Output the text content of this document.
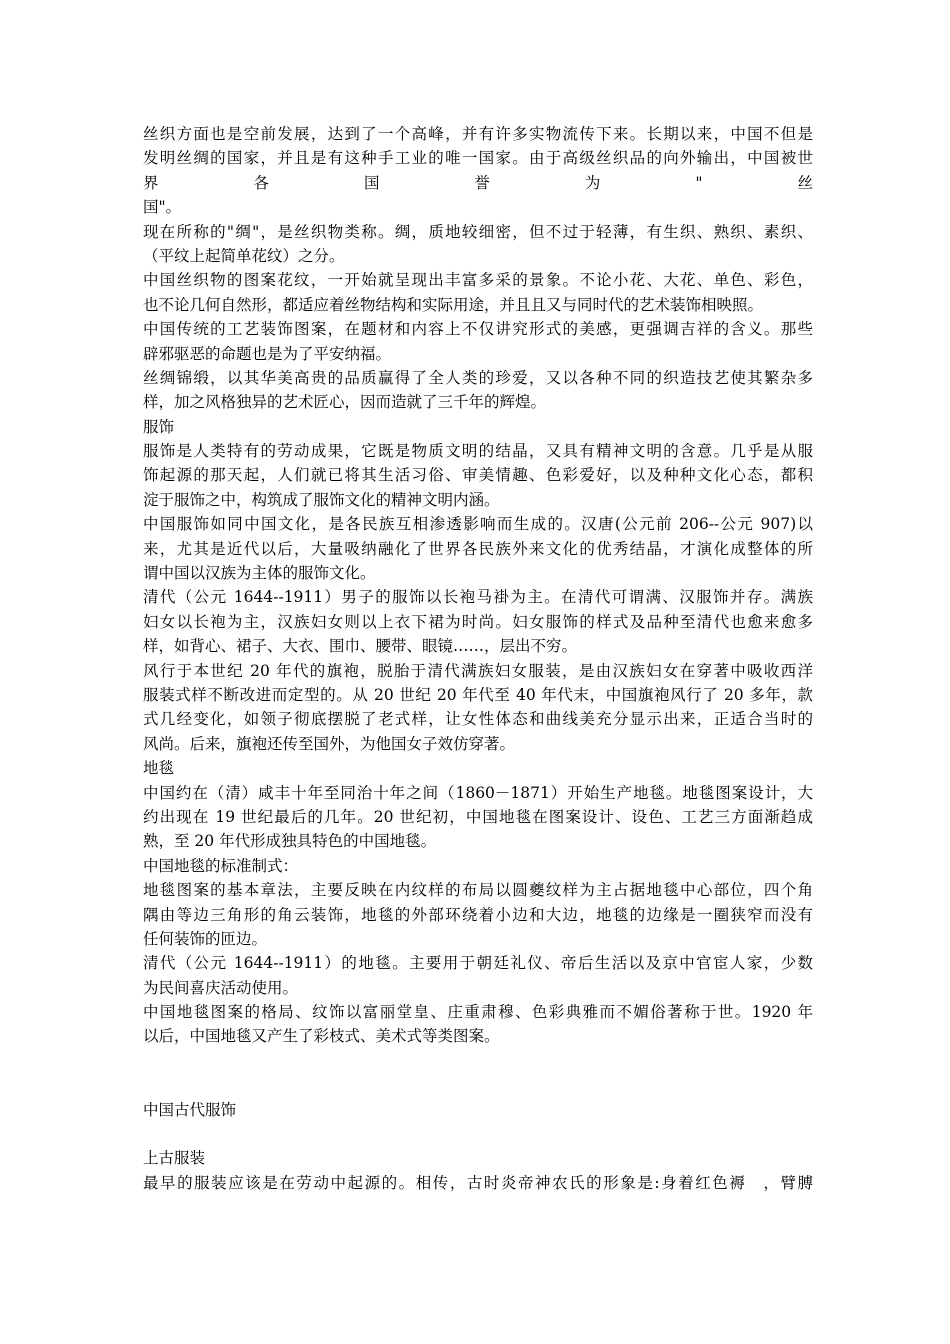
丝织方面也是空前发展，达到了一个高峰，并有许多实物流传下来。长期以来，中国不但是
发明丝绸的国家，并且是有这种手工业的唯一国家。由于高级丝织品的向外输出，中国被世
界各国誉为"丝
国"。
现在所称的"绸"，是丝织物类称。绸，质地较细密，但不过于轻薄，有生织、熟织、素织、
（平纹上起简单花纹）之分。
中国丝织物的图案花纹，一开始就呈现出丰富多采的景象。不论小花、大花、单色、彩色，
也不论几何自然形，都适应着丝物结构和实际用途，并且且又与同时代的艺术装饰相映照。
中国传统的工艺装饰图案，在题材和内容上不仅讲究形式的美感，更强调吉祥的含义。那些
辟邪驱恶的命题也是为了平安纳福。
丝绸锦缎，以其华美高贵的品质赢得了全人类的珍爱，又以各种不同的织造技艺使其繁杂多
样，加之风格独异的艺术匠心，因而造就了三千年的辉煌。
服饰
服饰是人类特有的劳动成果，它既是物质文明的结晶，又具有精神文明的含意。几乎是从服
饰起源的那天起，人们就已将其生活习俗、审美情趣、色彩爱好，以及种种文化心态，都积
淀于服饰之中，构筑成了服饰文化的精神文明内涵。
中国服饰如同中国文化，是各民族互相渗透影响而生成的。汉唐(公元前 206--公元 907)以
来，尤其是近代以后，大量吸纳融化了世界各民族外来文化的优秀结晶，才演化成整体的所
谓中国以汉族为主体的服饰文化。
清代（公元 1644--1911）男子的服饰以长袍马褂为主。在清代可谓满、汉服饰并存。满族
妇女以长袍为主，汉族妇女则以上衣下裙为时尚。妇女服饰的样式及品种至清代也愈来愈多
样，如背心、裙子、大衣、围巾、腰带、眼镜……，层出不穷。
风行于本世纪 20 年代的旗袍，脱胎于清代满族妇女服装，是由汉族妇女在穿著中吸收西洋
服装式样不断改进而定型的。从 20 世纪 20 年代至 40 年代末，中国旗袍风行了 20 多年，款
式几经变化，如领子彻底摆脱了老式样，让女性体态和曲线美充分显示出来，正适合当时的
风尚。后来，旗袍还传至国外，为他国女子效仿穿著。
地毯
中国约在（清）咸丰十年至同治十年之间（1860－1871）开始生产地毯。地毯图案设计，大
约出现在 19 世纪最后的几年。20 世纪初，中国地毯在图案设计、设色、工艺三方面渐趋成
熟，至 20 年代形成独具特色的中国地毯。
中国地毯的标准制式：
地毯图案的基本章法，主要反映在内纹样的布局以圆夔纹样为主占据地毯中心部位，四个角
隅由等边三角形的角云装饰，地毯的外部环绕着小边和大边，地毯的边缘是一圈狭窄而没有
任何装饰的匝边。
清代（公元 1644--1911）的地毯。主要用于朝廷礼仪、帝后生活以及京中官宦人家，少数
为民间喜庆活动使用。
中国地毯图案的格局、纹饰以富丽堂皇、庄重肃穆、色彩典雅而不媚俗著称于世。1920 年
以后，中国地毯又产生了彩枝式、美术式等类图案。
中国古代服饰
上古服装
最早的服装应该是在劳动中起源的。相传，古时炎帝神农氏的形象是:身着红色褥　，臂膊
